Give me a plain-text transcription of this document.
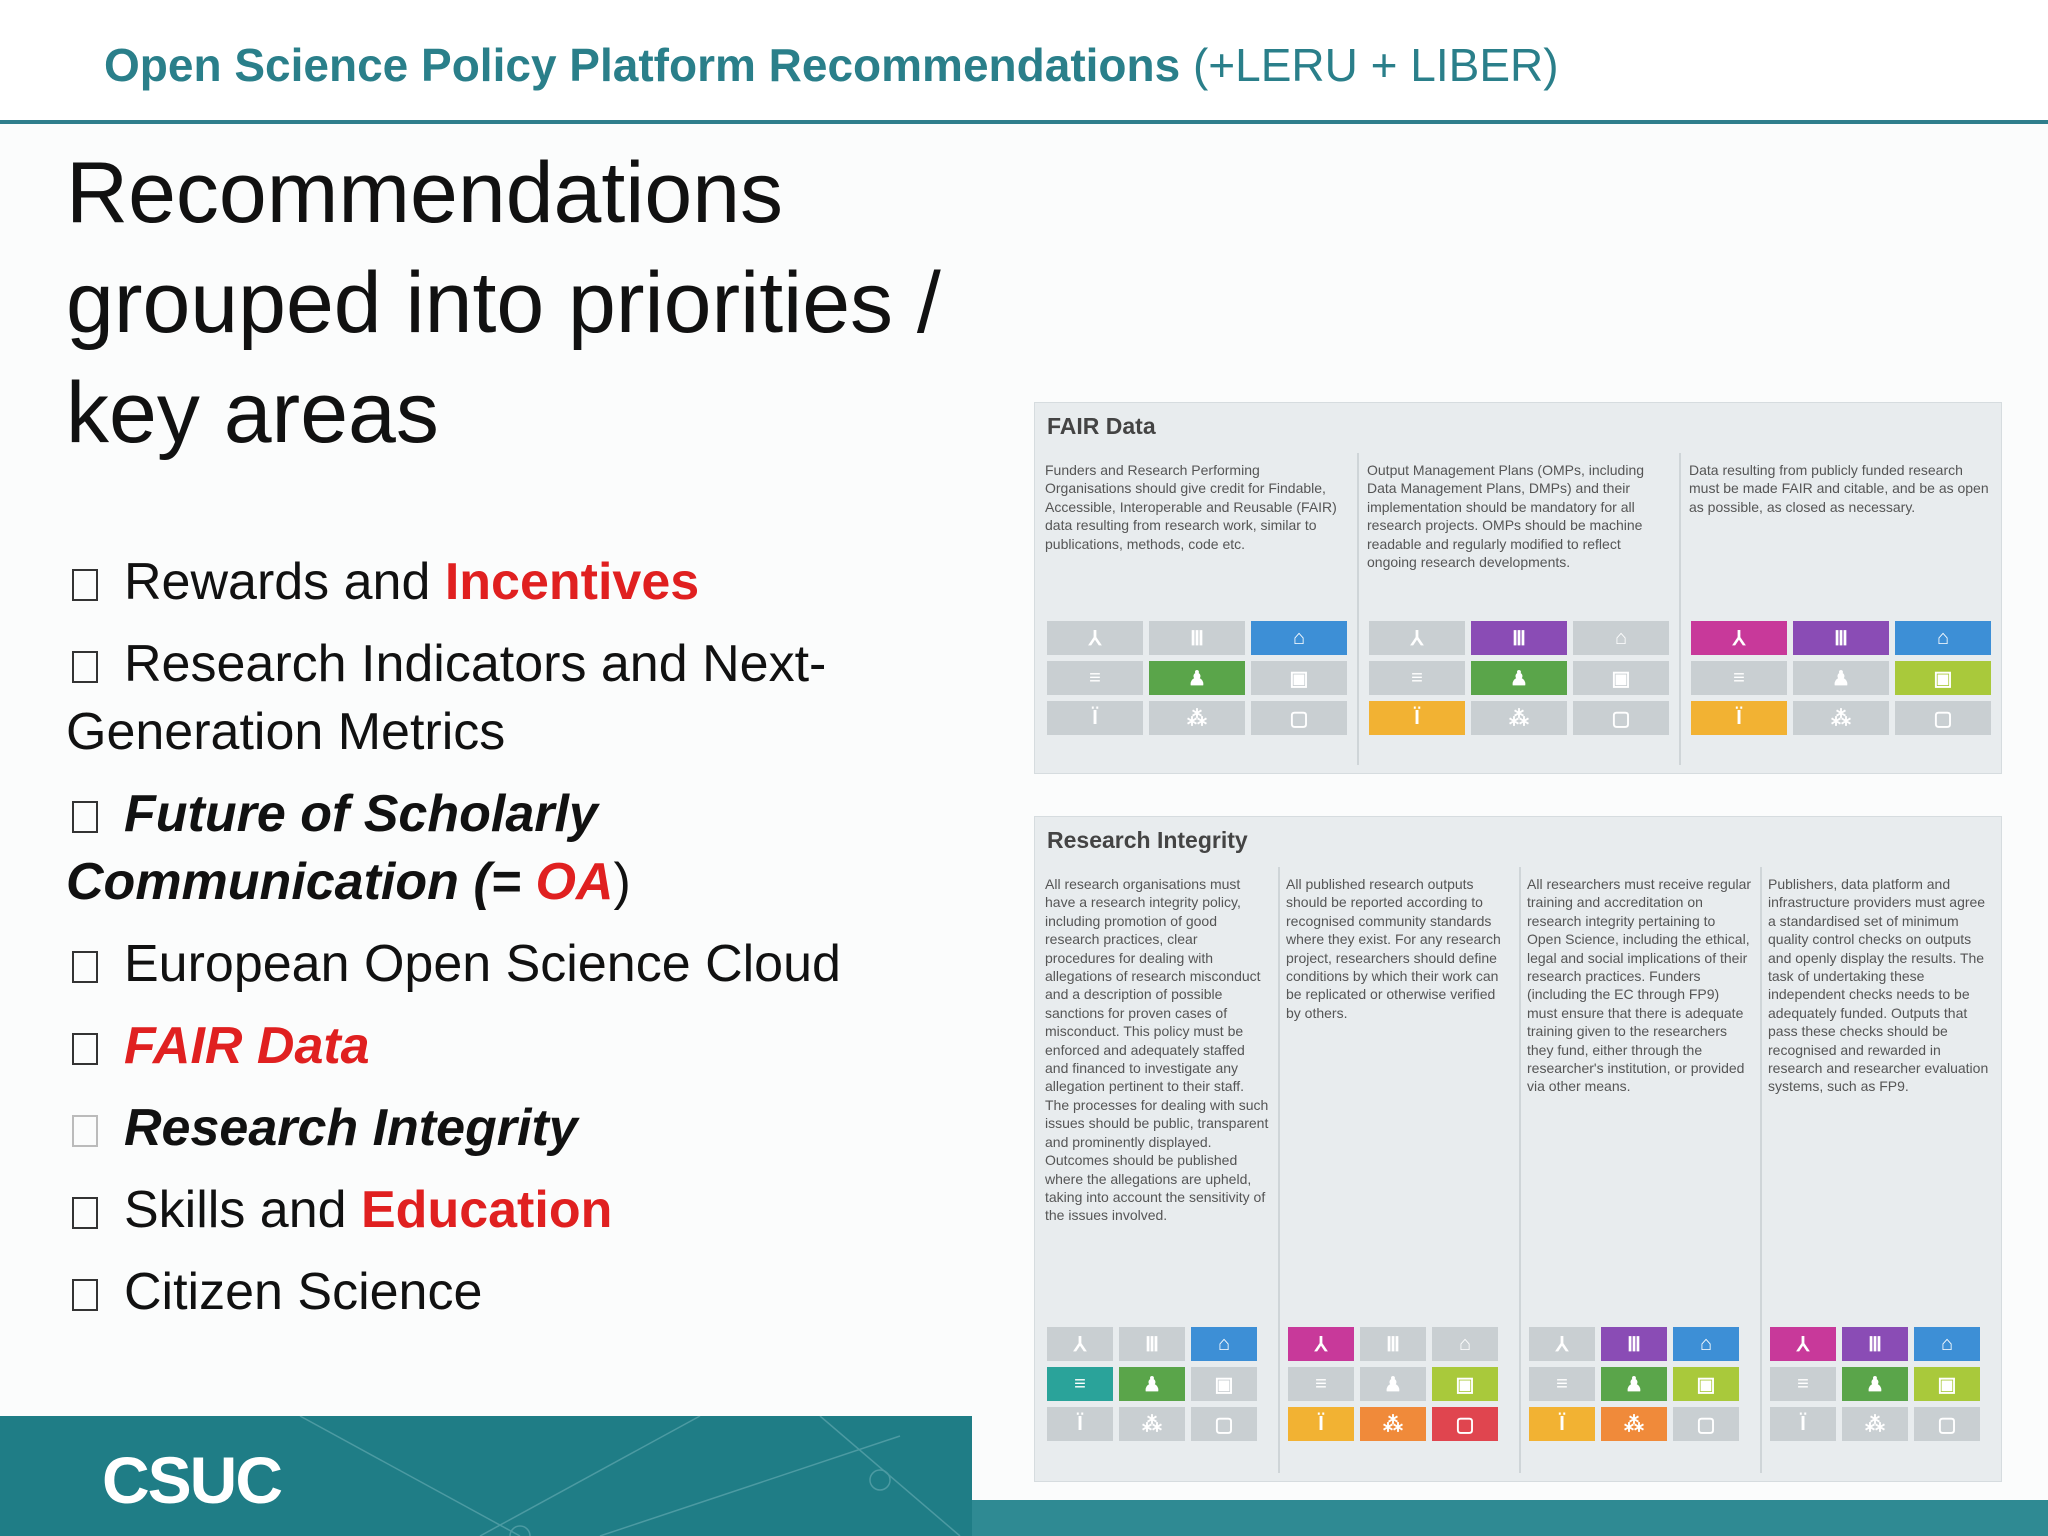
Open Science Policy Platform Recommendations (+LERU + LIBER)
Recommendations grouped into priorities / key areas
Rewards and Incentives
Research Indicators and Next-Generation Metrics
Future of Scholarly Communication (= OA)
European Open Science Cloud
FAIR Data
Research Integrity
Skills and Education
Citizen Science
FAIR Data
Funders and Research Performing Organisations should give credit for Findable, Accessible, Interoperable and Reusable (FAIR) data resulting from research work, similar to publications, methods, code etc.
Output Management Plans (OMPs, including Data Management Plans, DMPs) and their implementation should be mandatory for all research projects. OMPs should be machine readable and regularly modified to reflect ongoing research developments.
Data resulting from publicly funded research must be made FAIR and citable, and be as open as possible, as closed as necessary.
⅄	Ⅲ	⌂
≡	♟	▣
Ϊ	⁂	▢
⅄	Ⅲ	⌂
≡	♟	▣
Ϊ	⁂	▢
⅄	Ⅲ	⌂
≡	♟	▣
Ϊ	⁂	▢
Research Integrity
All research organisations must have a research integrity policy, including promotion of good research practices, clear procedures for dealing with allegations of research misconduct and a description of possible sanctions for proven cases of misconduct. This policy must be enforced and adequately staffed and financed to investigate any allegation pertinent to their staff. The processes for dealing with such issues should be public, transparent and prominently displayed. Outcomes should be published where the allegations are upheld, taking into account the sensitivity of the issues involved.
All published research outputs should be reported according to recognised community standards where they exist. For any research project, researchers should define conditions by which their work can be replicated or otherwise verified by others.
All researchers must receive regular training and accreditation on research integrity pertaining to Open Science, including the ethical, legal and social implications of their research practices. Funders (including the EC through FP9) must ensure that there is adequate training given to the researchers they fund, either through the researcher's institution, or provided via other means.
Publishers, data platform and infrastructure providers must agree a standardised set of minimum quality control checks on outputs and openly display the results. The task of undertaking these independent checks needs to be adequately funded. Outputs that pass these checks should be recognised and rewarded in research and researcher evaluation systems, such as FP9.
⅄	Ⅲ	⌂
≡	♟	▣
Ϊ	⁂	▢
⅄	Ⅲ	⌂
≡	♟	▣
Ϊ	⁂	▢
⅄	Ⅲ	⌂
≡	♟	▣
Ϊ	⁂	▢
⅄	Ⅲ	⌂
≡	♟	▣
Ϊ	⁂	▢
CSUC
